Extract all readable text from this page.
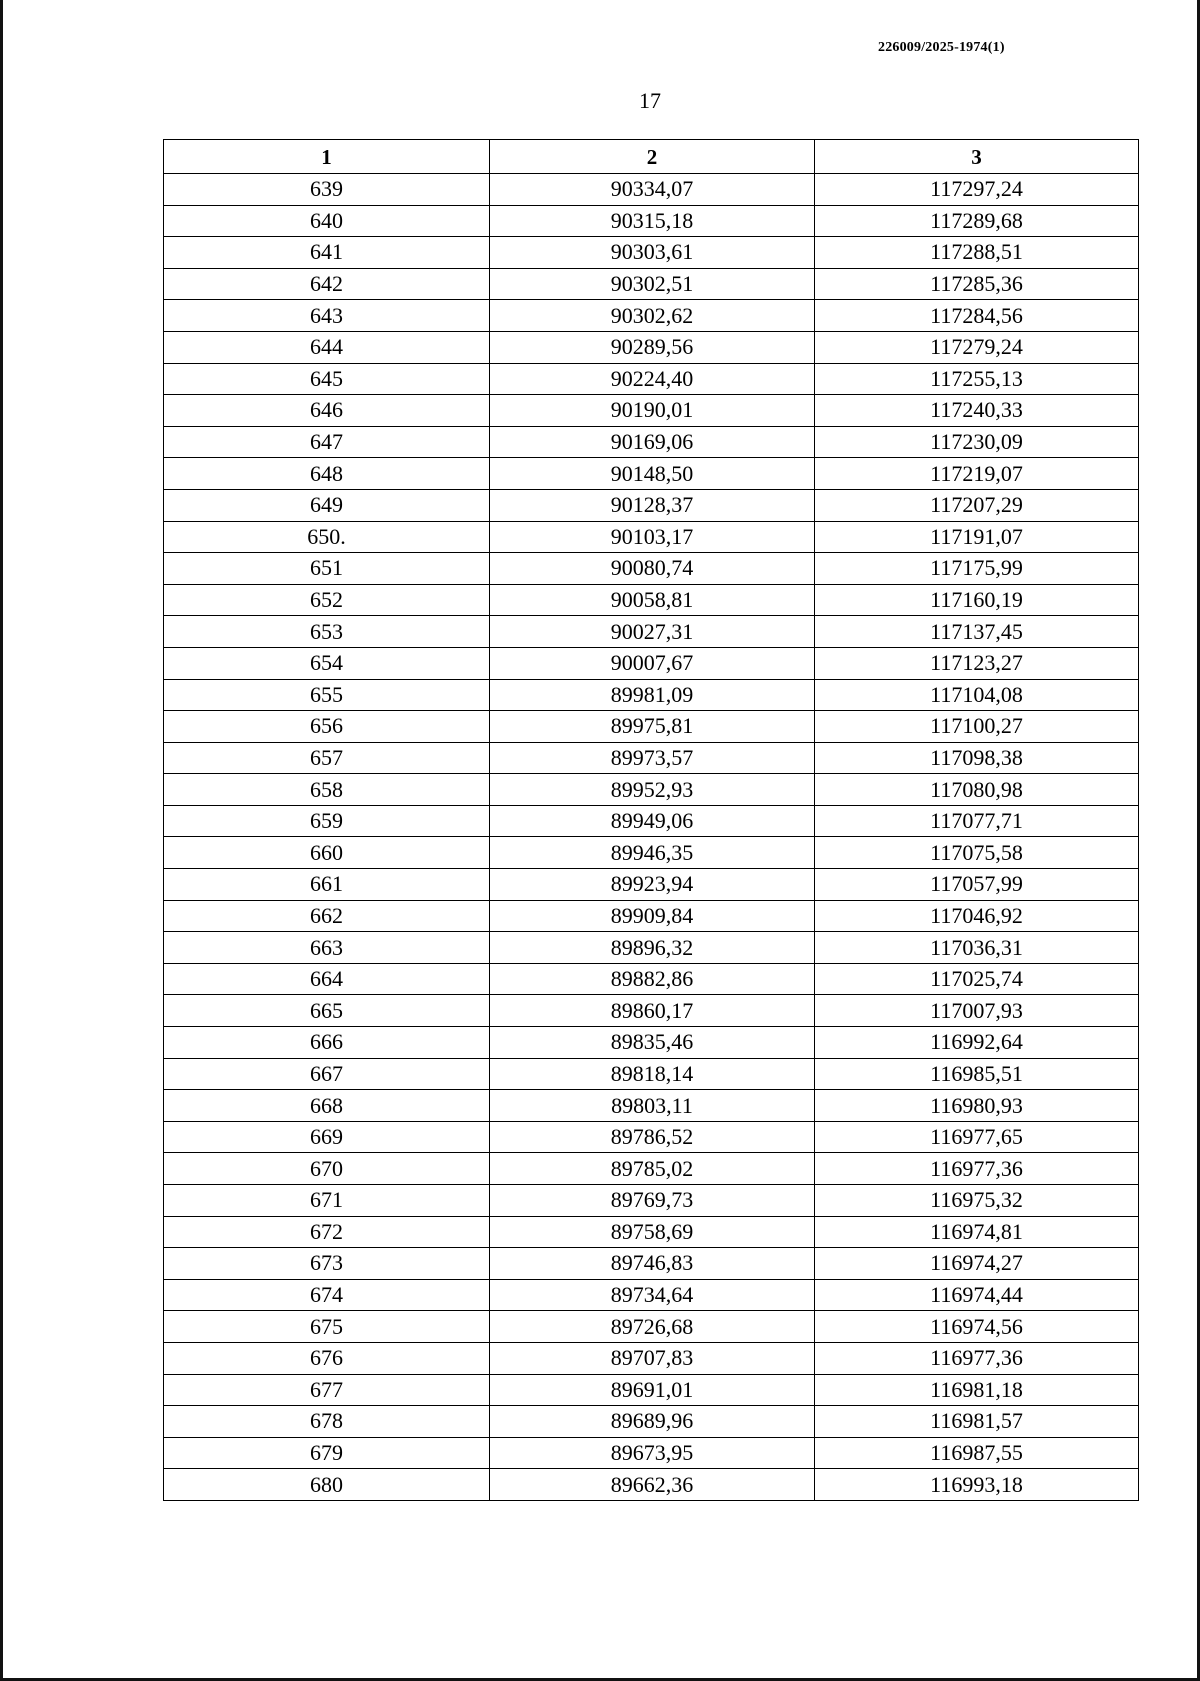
226009/2025-1974(1)
17
1	2	3
639	90334,07	117297,24
640	90315,18	117289,68
641	90303,61	117288,51
642	90302,51	117285,36
643	90302,62	117284,56
644	90289,56	117279,24
645	90224,40	117255,13
646	90190,01	117240,33
647	90169,06	117230,09
648	90148,50	117219,07
649	90128,37	117207,29
650.	90103,17	117191,07
651	90080,74	117175,99
652	90058,81	117160,19
653	90027,31	117137,45
654	90007,67	117123,27
655	89981,09	117104,08
656	89975,81	117100,27
657	89973,57	117098,38
658	89952,93	117080,98
659	89949,06	117077,71
660	89946,35	117075,58
661	89923,94	117057,99
662	89909,84	117046,92
663	89896,32	117036,31
664	89882,86	117025,74
665	89860,17	117007,93
666	89835,46	116992,64
667	89818,14	116985,51
668	89803,11	116980,93
669	89786,52	116977,65
670	89785,02	116977,36
671	89769,73	116975,32
672	89758,69	116974,81
673	89746,83	116974,27
674	89734,64	116974,44
675	89726,68	116974,56
676	89707,83	116977,36
677	89691,01	116981,18
678	89689,96	116981,57
679	89673,95	116987,55
680	89662,36	116993,18
